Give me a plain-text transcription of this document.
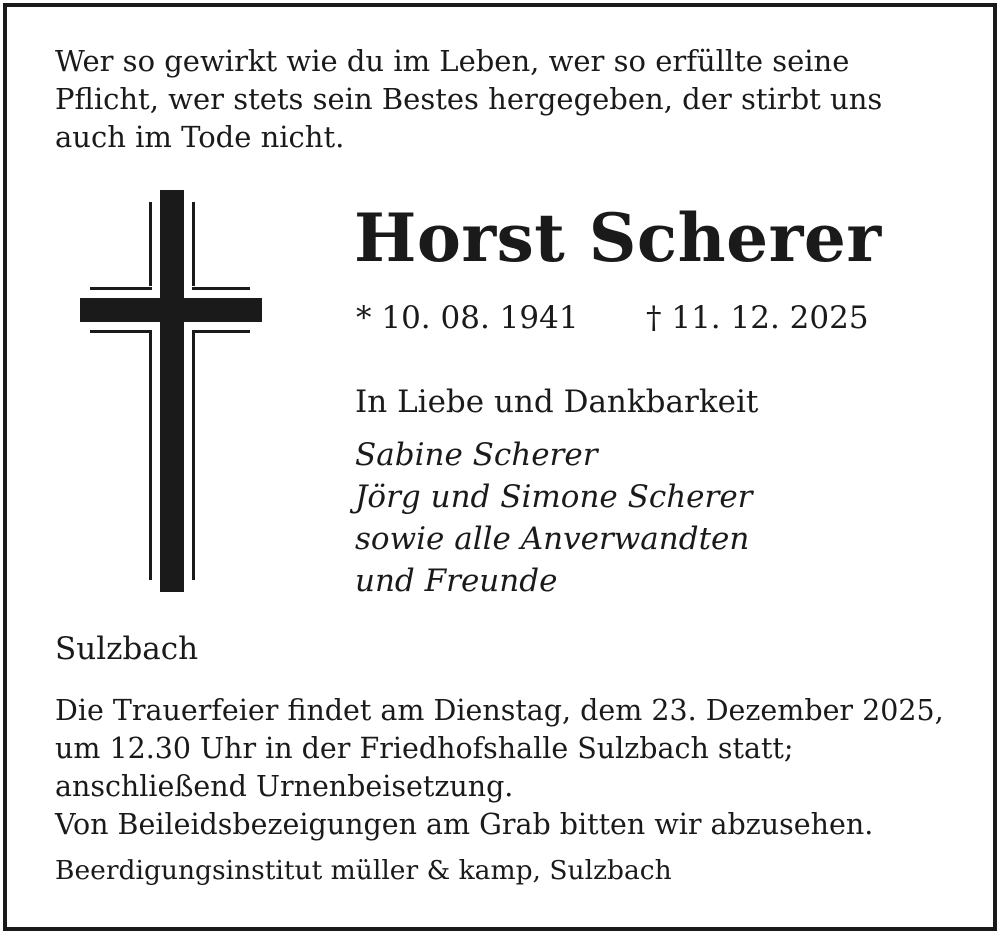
Wer so gewirkt wie du im Leben, wer so erfüllte seine
Pflicht, wer stets sein Bestes hergegeben, der stirbt uns
auch im Tode nicht.
Horst Scherer
* 10. 08. 1941 † 11. 12. 2025
In Liebe und Dankbarkeit
Sabine Scherer
Jörg und Simone Scherer
sowie alle Anverwandten
und Freunde
Sulzbach
Die Trauerfeier findet am Dienstag, dem 23. Dezember 2025,
um 12.30 Uhr in der Friedhofshalle Sulzbach statt;
anschließend Urnenbeisetzung.
Von Beileidsbezeigungen am Grab bitten wir abzusehen.
Beerdigungsinstitut müller & kamp, Sulzbach
